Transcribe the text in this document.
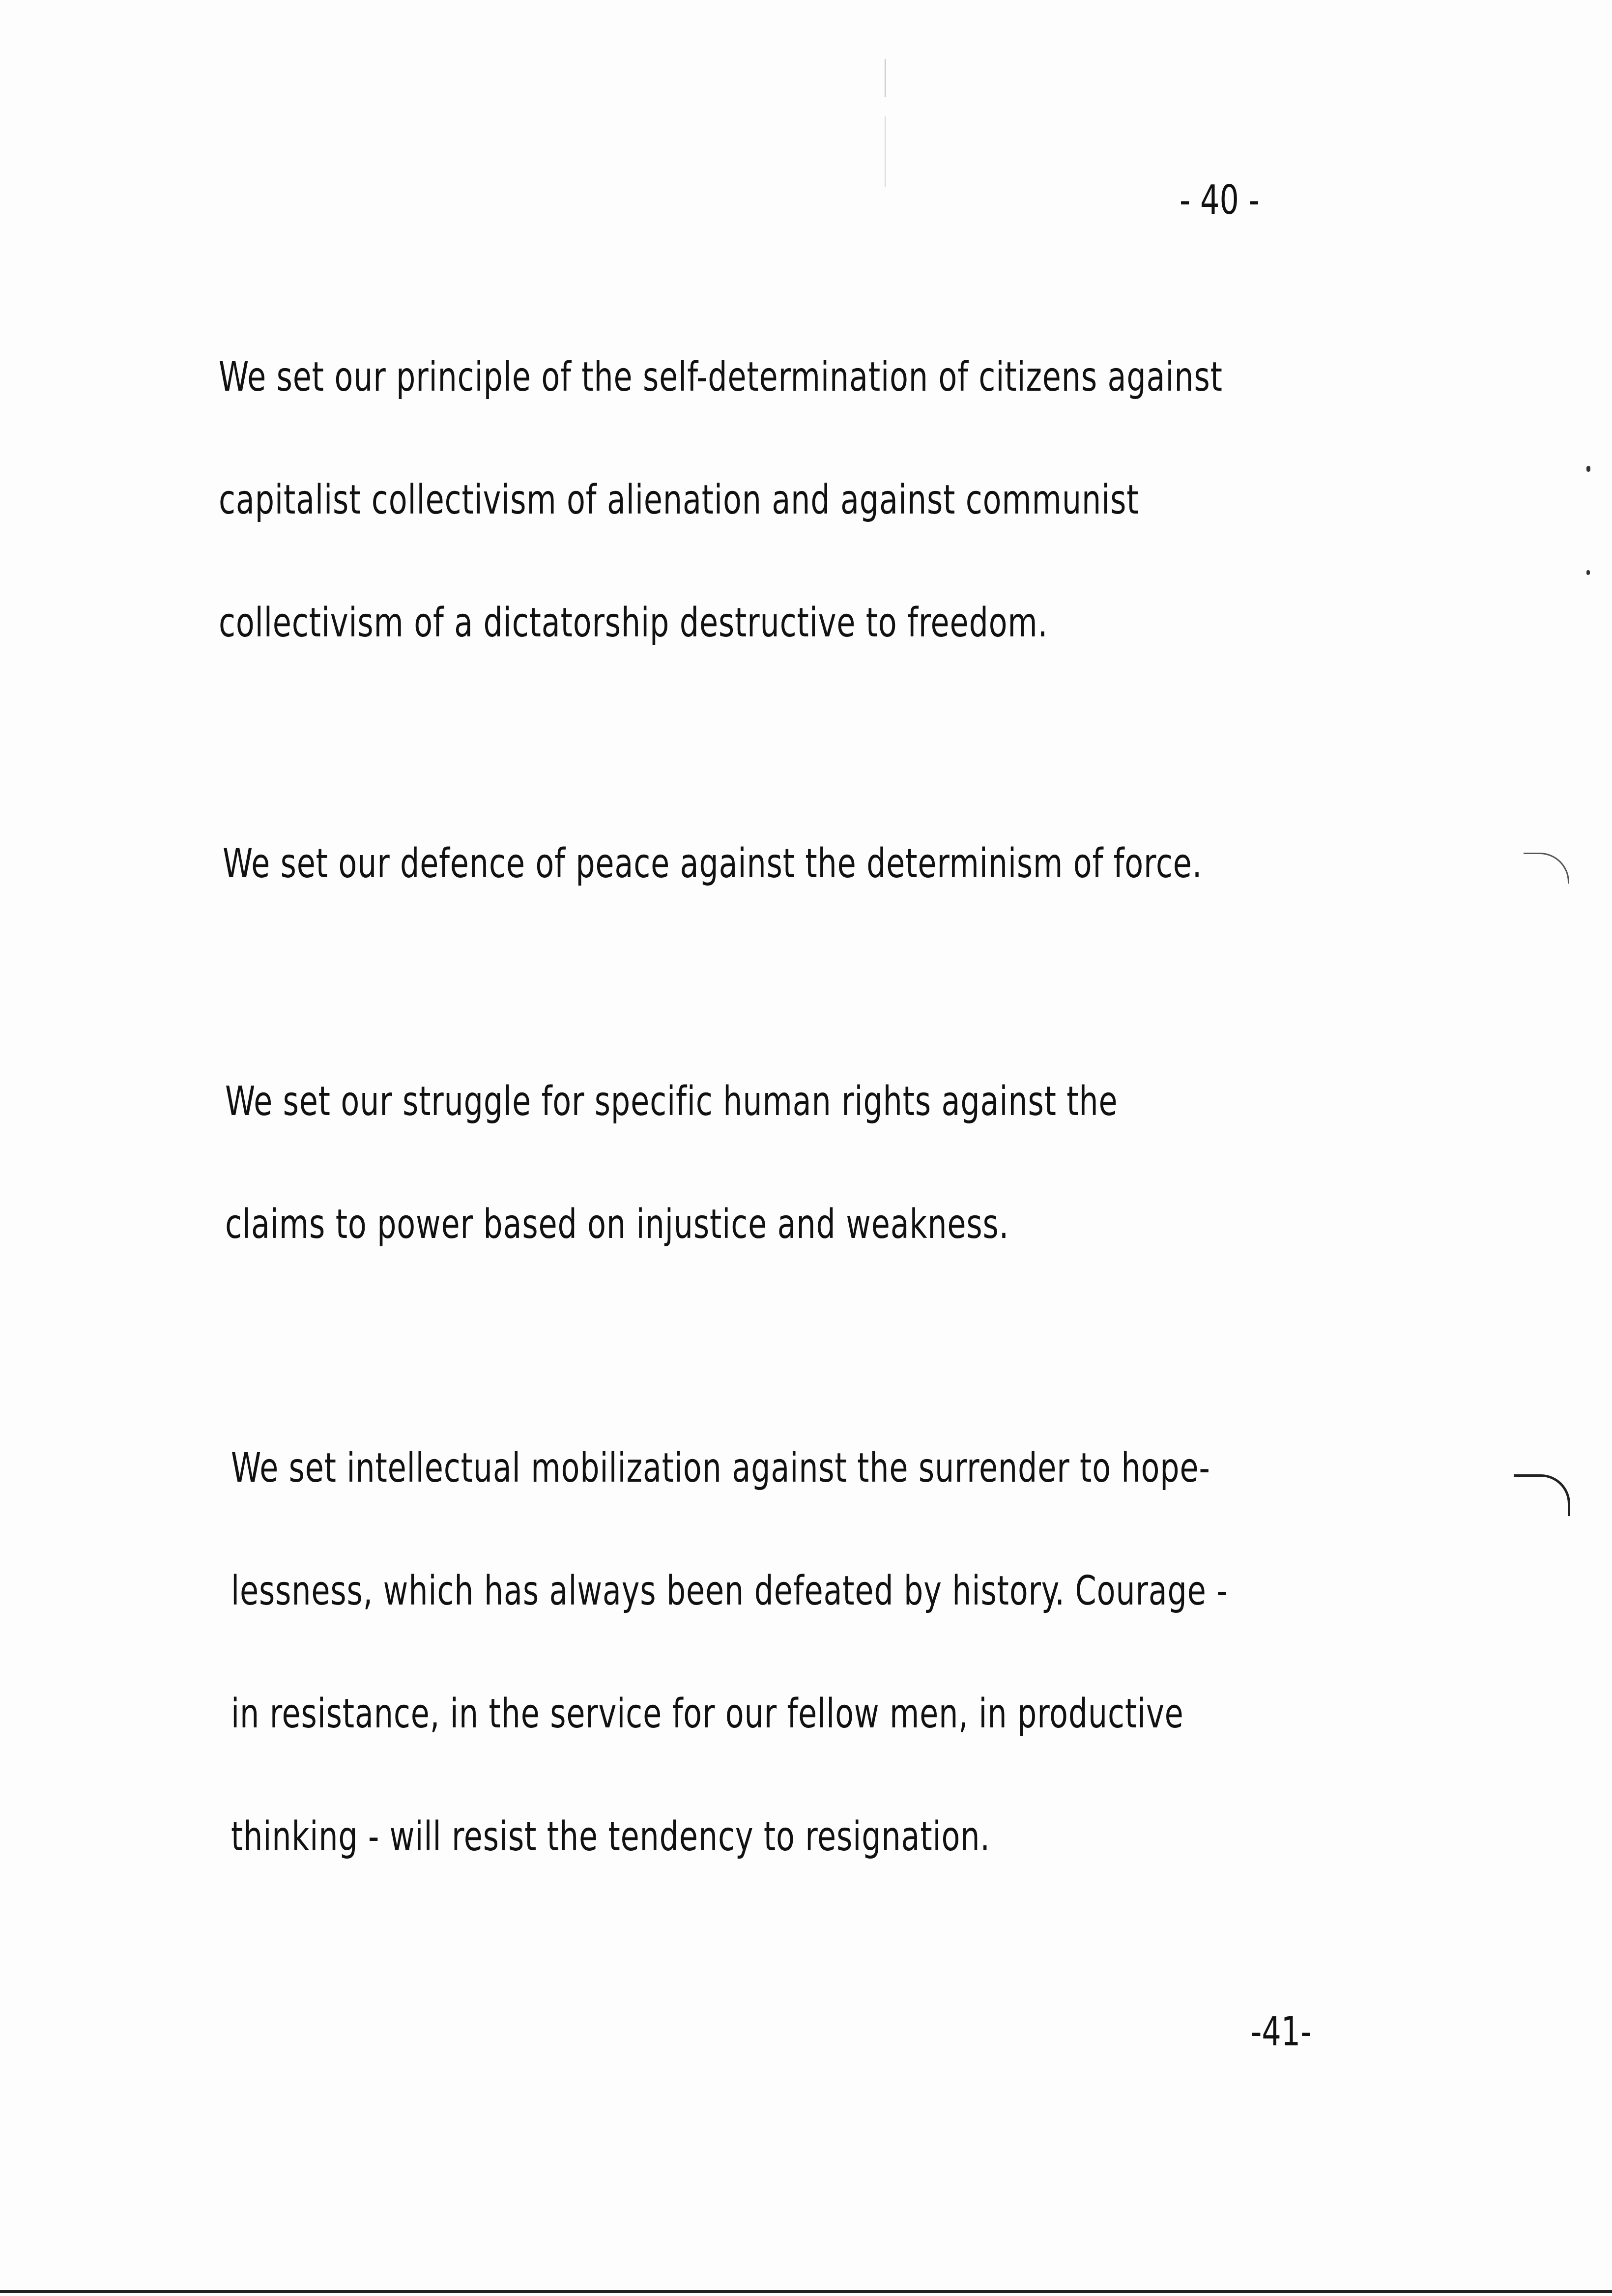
- 40 -
We set our principle of the self-determination of citizens against
capitalist collectivism of alienation and against communist
collectivism of a dictatorship destructive to freedom.
We set our defence of peace against the determinism of force.
We set our struggle for specific human rights against the
claims to power based on injustice and weakness.
We set intellectual mobilization against the surrender to hope-
lessness, which has always been defeated by history. Courage -
in resistance, in the service for our fellow men, in productive
thinking - will resist the tendency to resignation.
-41-
